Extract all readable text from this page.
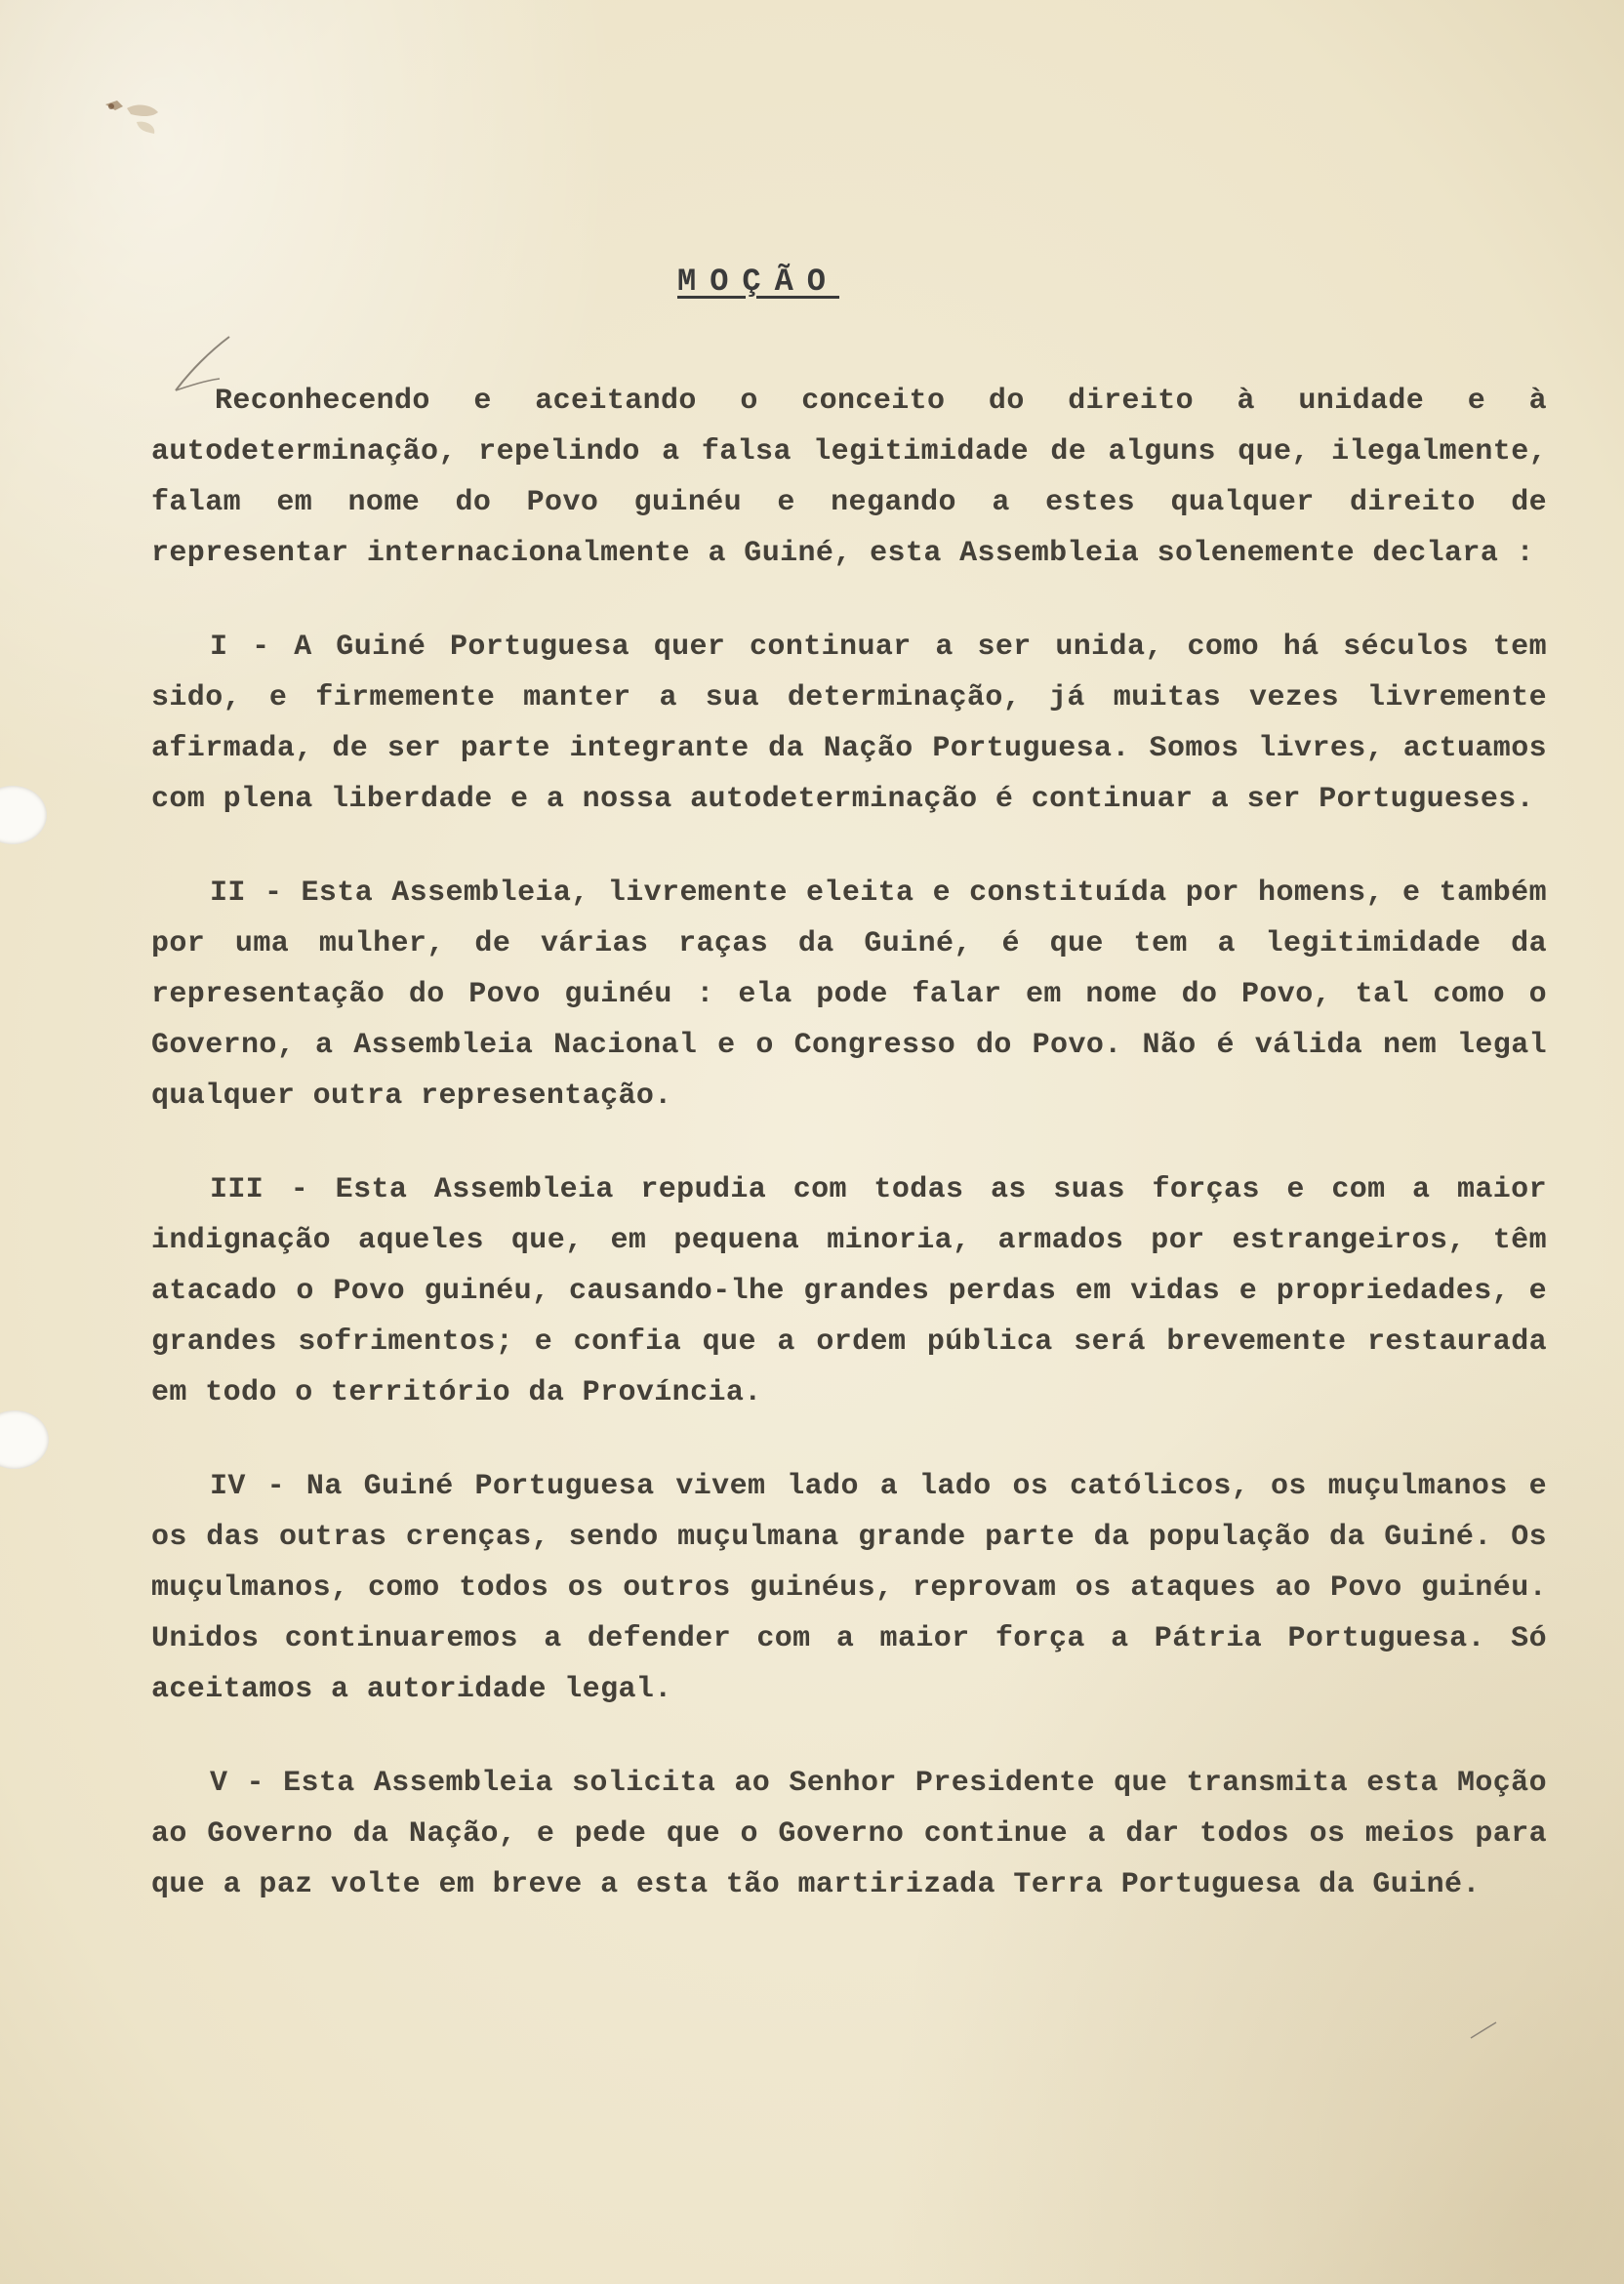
MOÇÃO

Reconhecendo e aceitando o conceito do direito à unidade e à autodeterminação, repelindo a falsa legitimidade de alguns que, ilegalmente, falam em nome do Povo guinéu e negando a estes qualquer direito de representar internacionalmente a Guiné, esta Assembleia solenemente declara :

I - A Guiné Portuguesa quer continuar a ser unida, como há séculos tem sido, e firmemente manter a sua determinação, já muitas vezes livremente afirmada, de ser parte integrante da Nação Portuguesa. Somos livres, actuamos com plena liberdade e a nossa autodeterminação é continuar a ser Portugueses.

II - Esta Assembleia, livremente eleita e constituída por homens, e também por uma mulher, de várias raças da Guiné, é que tem a legitimidade da representação do Povo guinéu : ela pode falar em nome do Povo, tal como o Governo, a Assembleia Nacional e o Congresso do Povo. Não é válida nem legal qualquer outra representação.

III - Esta Assembleia repudia com todas as suas forças e com a maior indignação aqueles que, em pequena minoria, armados por estrangeiros, têm atacado o Povo guinéu, causando-lhe grandes perdas em vidas e propriedades, e grandes sofrimentos; e confia que a ordem pública será brevemente restaurada em todo o território da Província.

IV - Na Guiné Portuguesa vivem lado a lado os católicos, os muçulmanos e os das outras crenças, sendo muçulmana grande parte da população da Guiné. Os muçulmanos, como todos os outros guinéus, reprovam os ataques ao Povo guinéu. Unidos continuaremos a defender com a maior força a Pátria Portuguesa. Só aceitamos a autoridade legal.

V - Esta Assembleia solicita ao Senhor Presidente que transmita esta Moção ao Governo da Nação, e pede que o Governo continue a dar todos os meios para que a paz volte em breve a esta tão martirizada Terra Portuguesa da Guiné.
